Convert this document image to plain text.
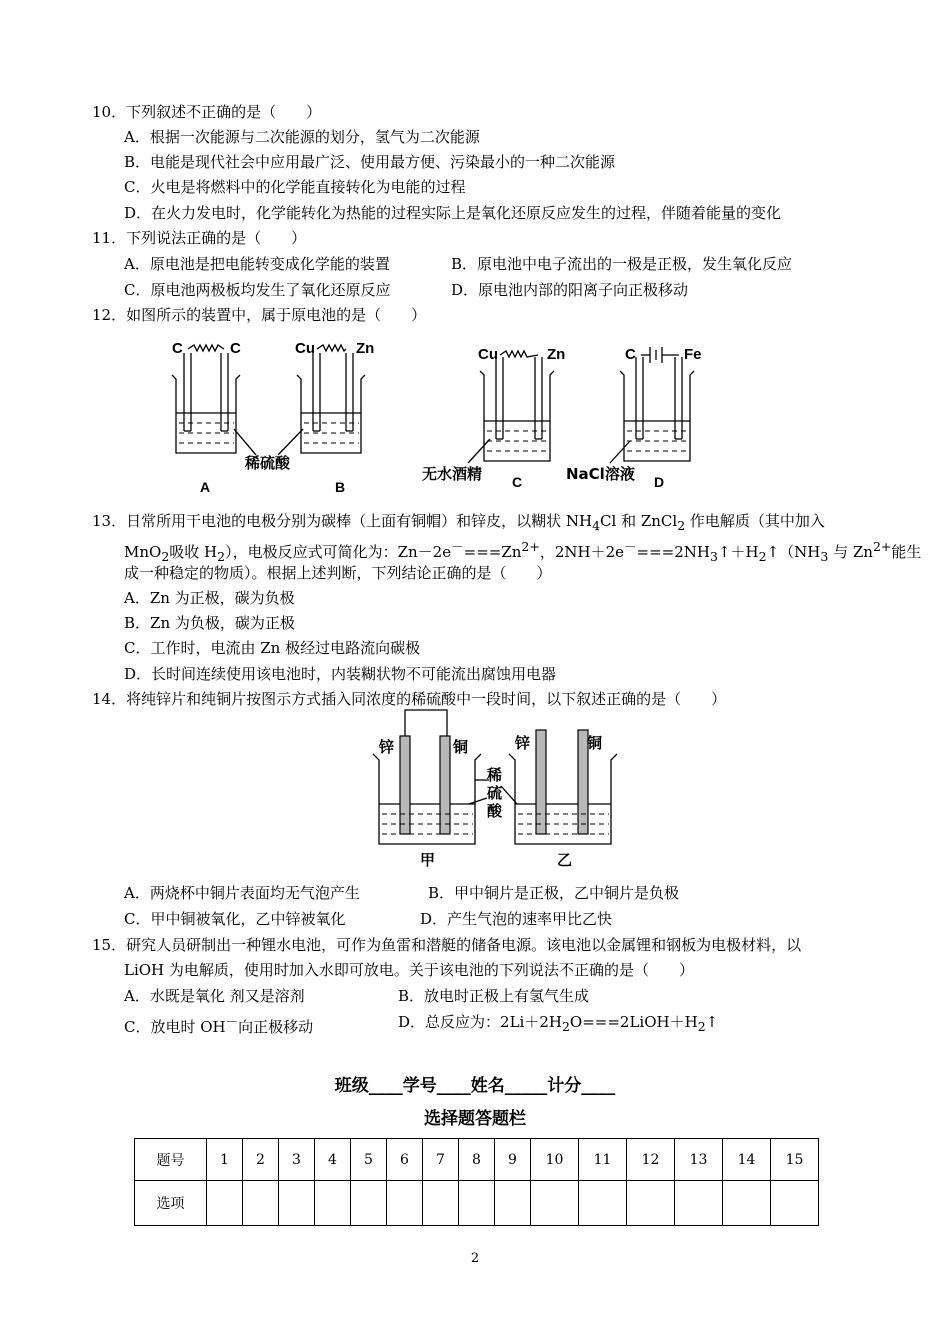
10．下列叙述不正确的是（　　）
A．根据一次能源与二次能源的划分，氢气为二次能源
B．电能是现代社会中应用最广泛、使用最方便、污染最小的一种二次能源
C．火电是将燃料中的化学能直接转化为电能的过程
D．在火力发电时，化学能转化为热能的过程实际上是氧化还原反应发生的过程，伴随着能量的变化
11．下列说法正确的是（　　）
A．原电池是把电能转变成化学能的装置	B．原电池中电子流出的一极是正极，发生氧化反应
C．原电池两极板均发生了氧化还原反应	D．原电池内部的阳离子向正极移动
12．如图所示的装置中，属于原电池的是（　　）
C	C	Cu	Zn
稀硫酸
A	B
Cu	Zn
无水酒精 C
C	Fe
NaCl溶液 D
13．日常所用干电池的电极分别为碳棒（上面有铜帽）和锌皮，以糊状 $NH_4Cl$ 和 ZnCl$_2$ 作电解质（其中加入
MnO$_2$吸收 $H_2$），电极反应式可简化为：$Zn-2e^-===Zn^{2+}$，$2NH+2e^-===2NH_3↑+H_2↑(NH_3$ 与 $Zn^{2+}$能生
成一种稳定的物质）。根据上述判断，下列结论正确的是（　　）
A．Zn 为正极，碳为负极
B．Zn 为负极，碳为正极
C．工作时，电流由 Zn 极经过电路流向碳极
D．长时间连续使用该电池时，内装糊状物不可能流出腐蚀用电器
14．将纯锌片和纯铜片按图示方式插入同浓度的稀硫酸中一段时间，以下叙述正确的是（　　）
锌	铜	锌	铜
稀
硫
酸
甲	乙
A．两烧杯中铜片表面均无气泡产生	B．甲中铜片是正极，乙中铜片是负极
C．甲中铜被氧化，乙中锌被氧化	D．产生气泡的速率甲比乙快
15．研究人员研制出一种锂水电池，可作为鱼雷和潜艇的储备电源。该电池以金属锂和钢板为电极材料，以
LiOH 为电解质，使用时加入水即可放电。关于该电池的下列说法不正确的是（　　）
A．水既是氧化 剂又是溶剂	B．放电时正极上有氢气生成
C．放电时 OH－向正极移动	D．总反应为：$2Li+2H_2O===2LiOH+H_2↑$
班级____学号____姓名_____计分____
选择题答题栏
题号	1	2	3	4	5	6	7	8	9	10	11	12	13	14	15
选项															
2
